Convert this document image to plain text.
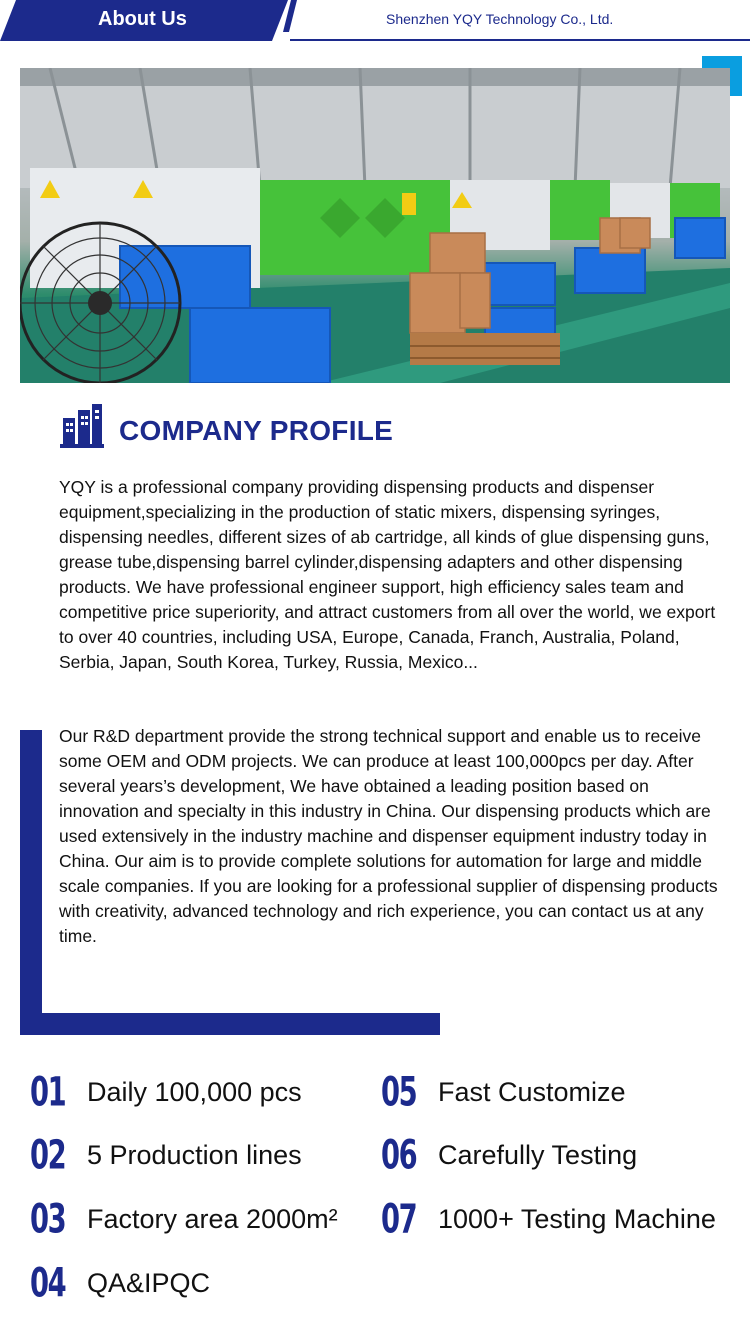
About Us	Shenzhen YQY Technology Co., Ltd.
COMPANY PROFILE

YQY is a professional company providing dispensing products and dispenser equipment,specializing in the production of static mixers, dispensing syringes, dispensing needles, different sizes of ab cartridge, all kinds of glue dispensing guns, grease tube,dispensing barrel cylinder,dispensing adapters and other dispensing products. We have professional engineer support, high efficiency sales team and competitive price superiority, and attract customers from all over the world, we export to over 40 countries, including USA, Europe, Canada, Franch, Australia, Poland, Serbia, Japan, South Korea, Turkey, Russia, Mexico...

Our R&D department provide the strong technical support and enable us to receive some OEM and ODM projects. We can produce at least 100,000pcs per day. After several years’s development, We have obtained a leading position based on innovation and specialty in this industry in China. Our dispensing products which are used extensively in the industry machine and dispenser equipment industry today in China. Our aim is to provide complete solutions for automation for large and middle scale companies. If you are looking for a professional supplier of dispensing products with creativity, advanced technology and rich experience, you can contact us at any time.

01 Daily 100,000 pcs
02 5 Production lines
03 Factory area 2000m²
04 QA&IPQC
05 Fast Customize
06 Carefully Testing
07 1000+ Testing Machine
